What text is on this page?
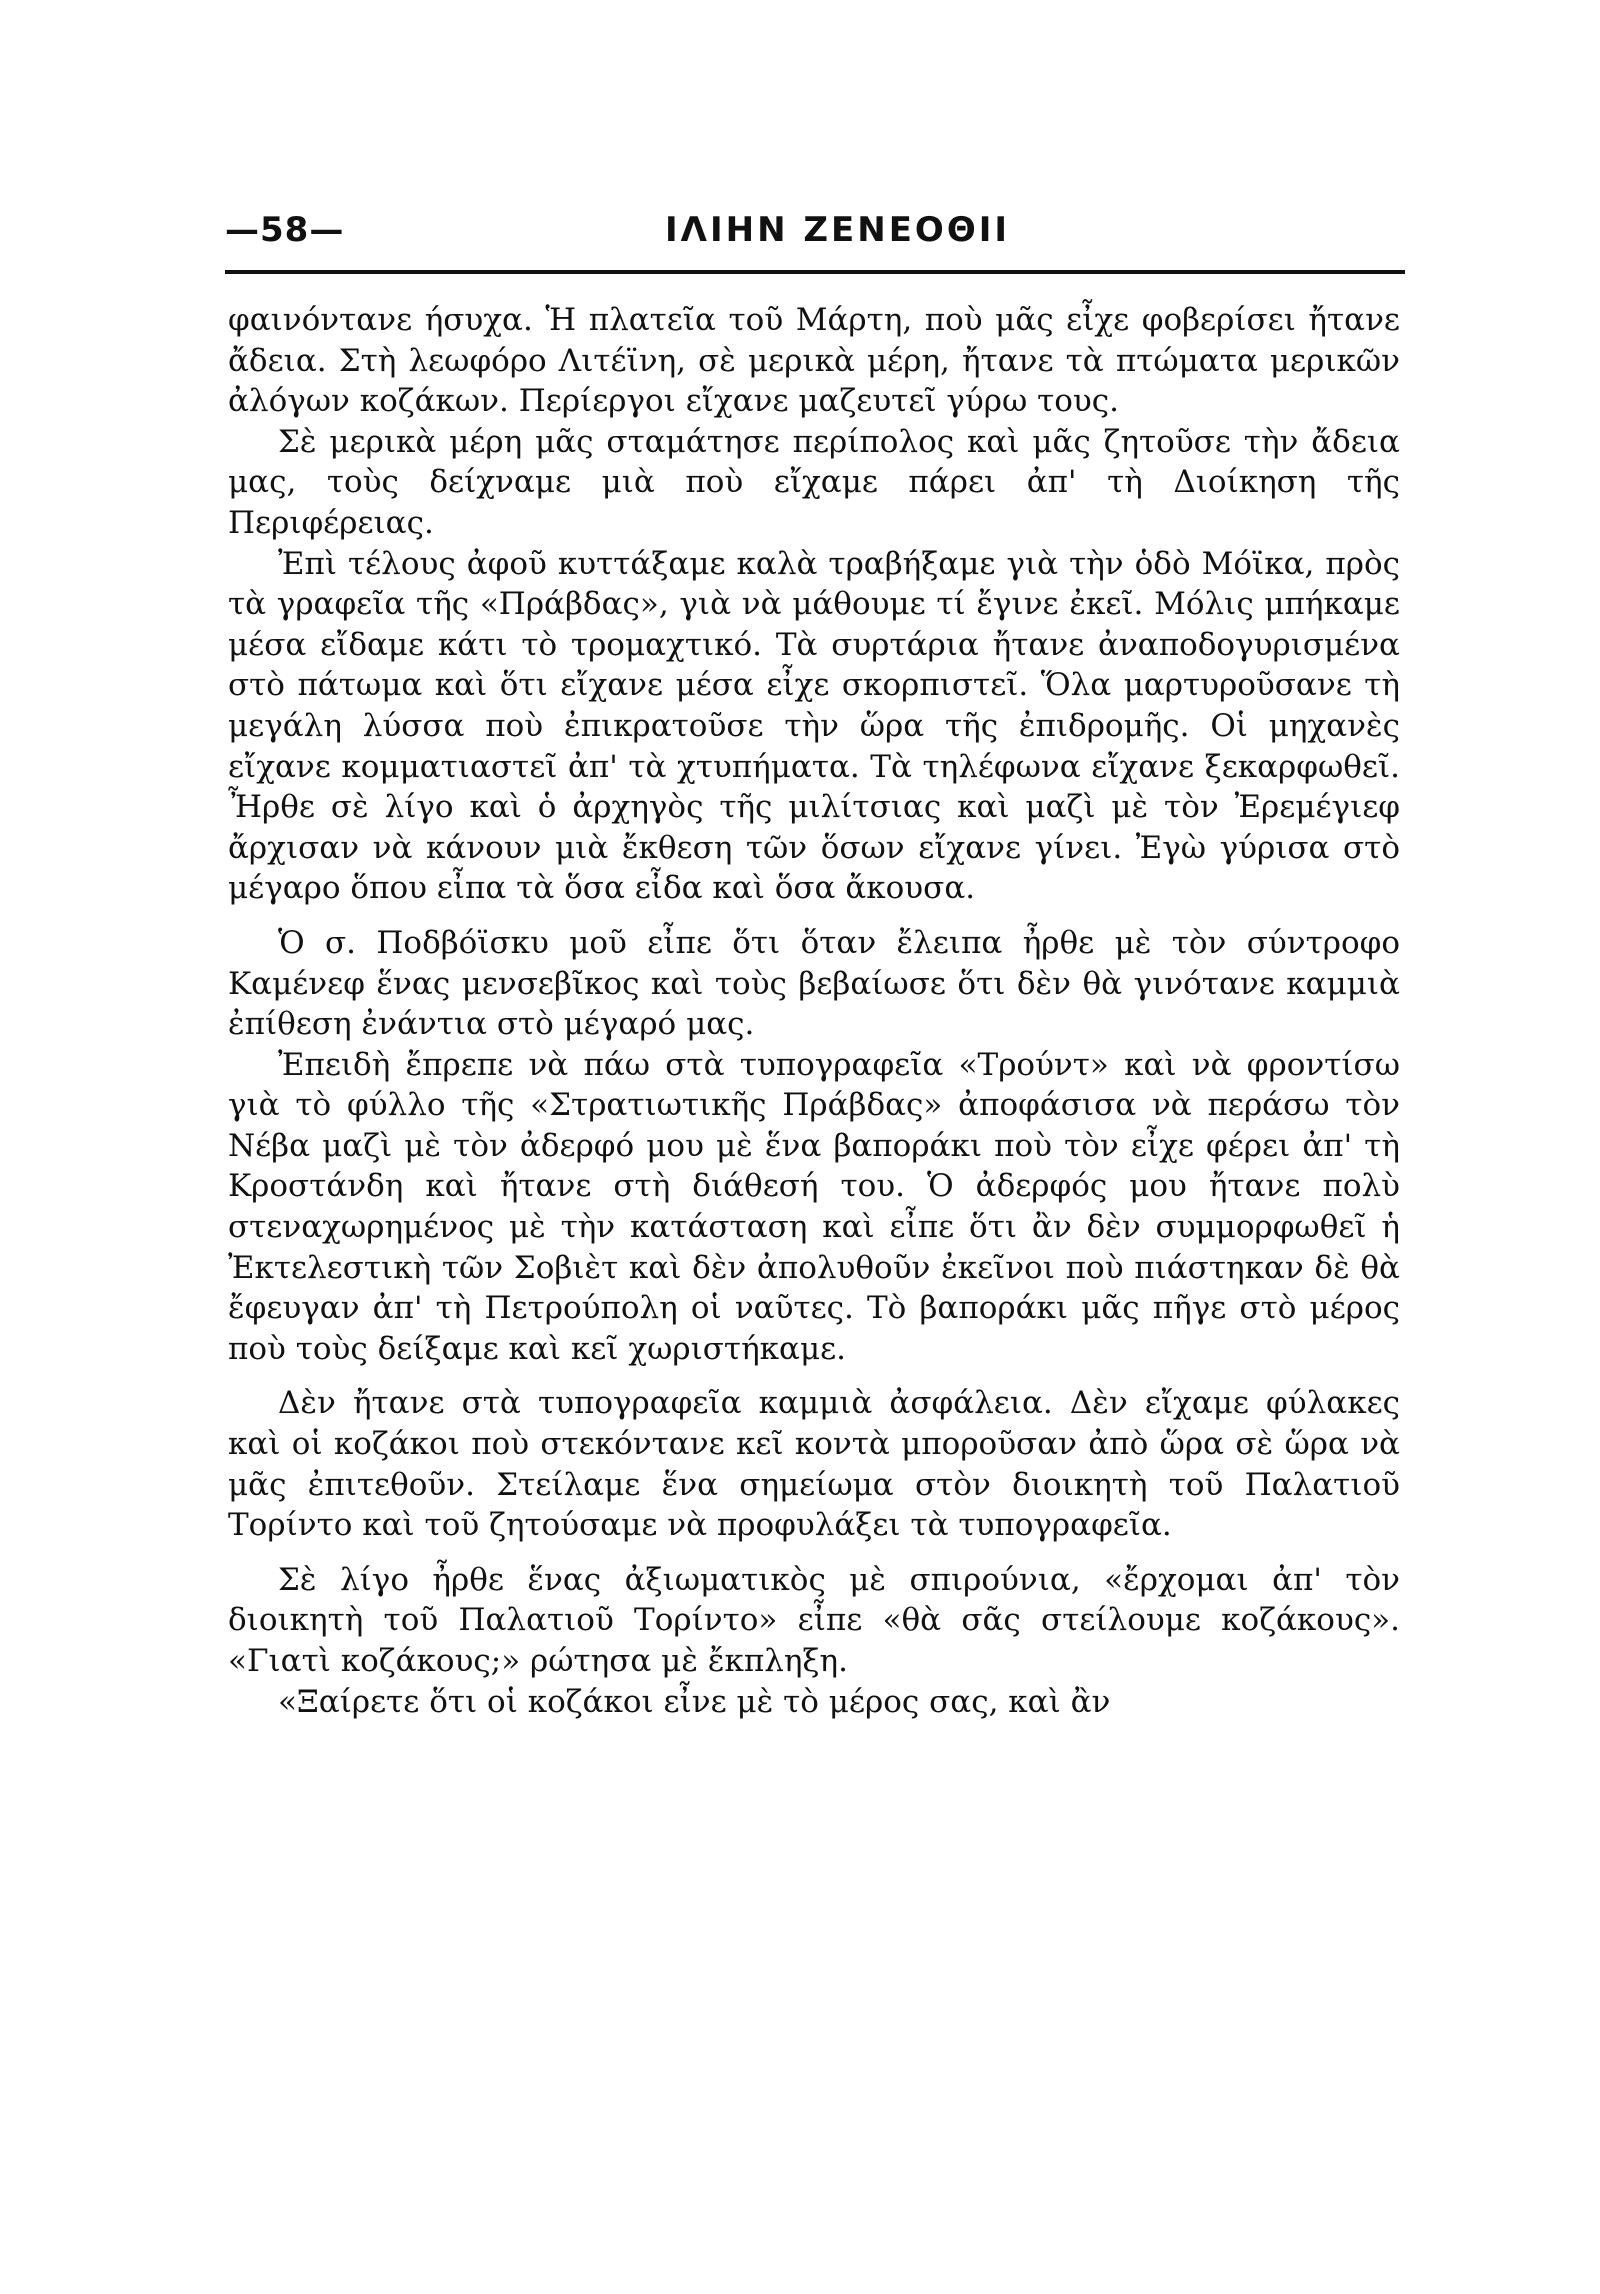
—58—	ΙΛΙΗΝ ΖΕΝΕΟΘΙΙ

φαινόντανε ήσυχα. Ἡ πλατεῖα τοῦ Μάρτη, ποὺ μᾶς εἶχε φοβερίσει ἤτανε ἄδεια. Στὴ λεωφόρο Λιτέϊνη, σὲ μερικὰ μέρη, ἤτανε τὰ πτώματα μερικῶν ἀλόγων κοζάκων. Περίεργοι εἴχανε μαζευτεῖ γύρω τους.

Σὲ μερικὰ μέρη μᾶς σταμάτησε περίπολος καὶ μᾶς ζητοῦσε τὴν ἄδεια μας, τοὺς δείχναμε μιὰ ποὺ εἴχαμε πάρει ἀπ' τὴ Διοίκηση τῆς Περιφέρειας.

Ἐπὶ τέλους ἀφοῦ κυττάξαμε καλὰ τραβήξαμε γιὰ τὴν ὁδὸ Μόϊκα, πρὸς τὰ γραφεῖα τῆς «Πράβδας», γιὰ νὰ μάθουμε τί ἔγινε ἐκεῖ. Μόλις μπήκαμε μέσα εἴδαμε κάτι τὸ τρομαχτικό. Τὰ συρτάρια ἤτανε ἀναποδογυρισμένα στὸ πάτωμα καὶ ὅτι εἴχανε μέσα εἶχε σκορπιστεῖ. Ὅλα μαρτυροῦσανε τὴ μεγάλη λύσσα ποὺ ἐπικρατοῦσε τὴν ὥρα τῆς ἐπιδρομῆς. Οἱ μηχανὲς εἴχανε κομματιαστεῖ ἀπ' τὰ χτυπήματα. Τὰ τηλέφωνα εἴχανε ξεκαρφωθεῖ. Ἦρθε σὲ λίγο καὶ ὁ ἀρχηγὸς τῆς μιλίτσιας καὶ μαζὶ μὲ τὸν Ἐρεμέγιεφ ἄρχισαν νὰ κάνουν μιὰ ἔκθεση τῶν ὅσων εἴχανε γίνει. Ἐγὼ γύρισα στὸ μέγαρο ὅπου εἶπα τὰ ὅσα εἶδα καὶ ὅσα ἄκουσα.

Ὁ σ. Ποδβόϊσκυ μοῦ εἶπε ὅτι ὅταν ἔλειπα ἦρθε μὲ τὸν σύντροφο Καμένεφ ἕνας μενσεβῖκος καὶ τοὺς βεβαίωσε ὅτι δὲν θὰ γινότανε καμμιὰ ἐπίθεση ἐνάντια στὸ μέγαρό μας.

Ἐπειδὴ ἔπρεπε νὰ πάω στὰ τυπογραφεῖα «Τρούντ» καὶ νὰ φροντίσω γιὰ τὸ φύλλο τῆς «Στρατιωτικῆς Πράβδας» ἀποφάσισα νὰ περάσω τὸν Νέβα μαζὶ μὲ τὸν ἀδερφό μου μὲ ἕνα βαποράκι ποὺ τὸν εἶχε φέρει ἀπ' τὴ Κροστάνδη καὶ ἤτανε στὴ διάθεσή του. Ὁ ἀδερφός μου ἤτανε πολὺ στεναχωρημένος μὲ τὴν κατάσταση καὶ εἶπε ὅτι ἂν δὲν συμμορφωθεῖ ἡ Ἐκτελεστικὴ τῶν Σοβιὲτ καὶ δὲν ἀπολυθοῦν ἐκεῖνοι ποὺ πιάστηκαν δὲ θὰ ἔφευγαν ἀπ' τὴ Πετρούπολη οἱ ναῦτες. Τὸ βαποράκι μᾶς πῆγε στὸ μέρος ποὺ τοὺς δείξαμε καὶ κεῖ χωριστήκαμε.

Δὲν ἤτανε στὰ τυπογραφεῖα καμμιὰ ἀσφάλεια. Δὲν εἴχαμε φύλακες καὶ οἱ κοζάκοι ποὺ στεκόντανε κεῖ κοντὰ μποροῦσαν ἀπὸ ὥρα σὲ ὥρα νὰ μᾶς ἐπιτεθοῦν. Στείλαμε ἕνα σημείωμα στὸν διοικητὴ τοῦ Παλατιοῦ Τορίντο καὶ τοῦ ζητούσαμε νὰ προφυλάξει τὰ τυπογραφεῖα.

Σὲ λίγο ἦρθε ἕνας ἀξιωματικὸς μὲ σπιρούνια, «ἔρχομαι ἀπ' τὸν διοικητὴ τοῦ Παλατιοῦ Τορίντο» εἶπε «θὰ σᾶς στείλουμε κοζάκους». «Γιατὶ κοζάκους;» ρώτησα μὲ ἔκπληξη.

«Ξαίρετε ὅτι οἱ κοζάκοι εἶνε μὲ τὸ μέρος σας, καὶ ἂν
